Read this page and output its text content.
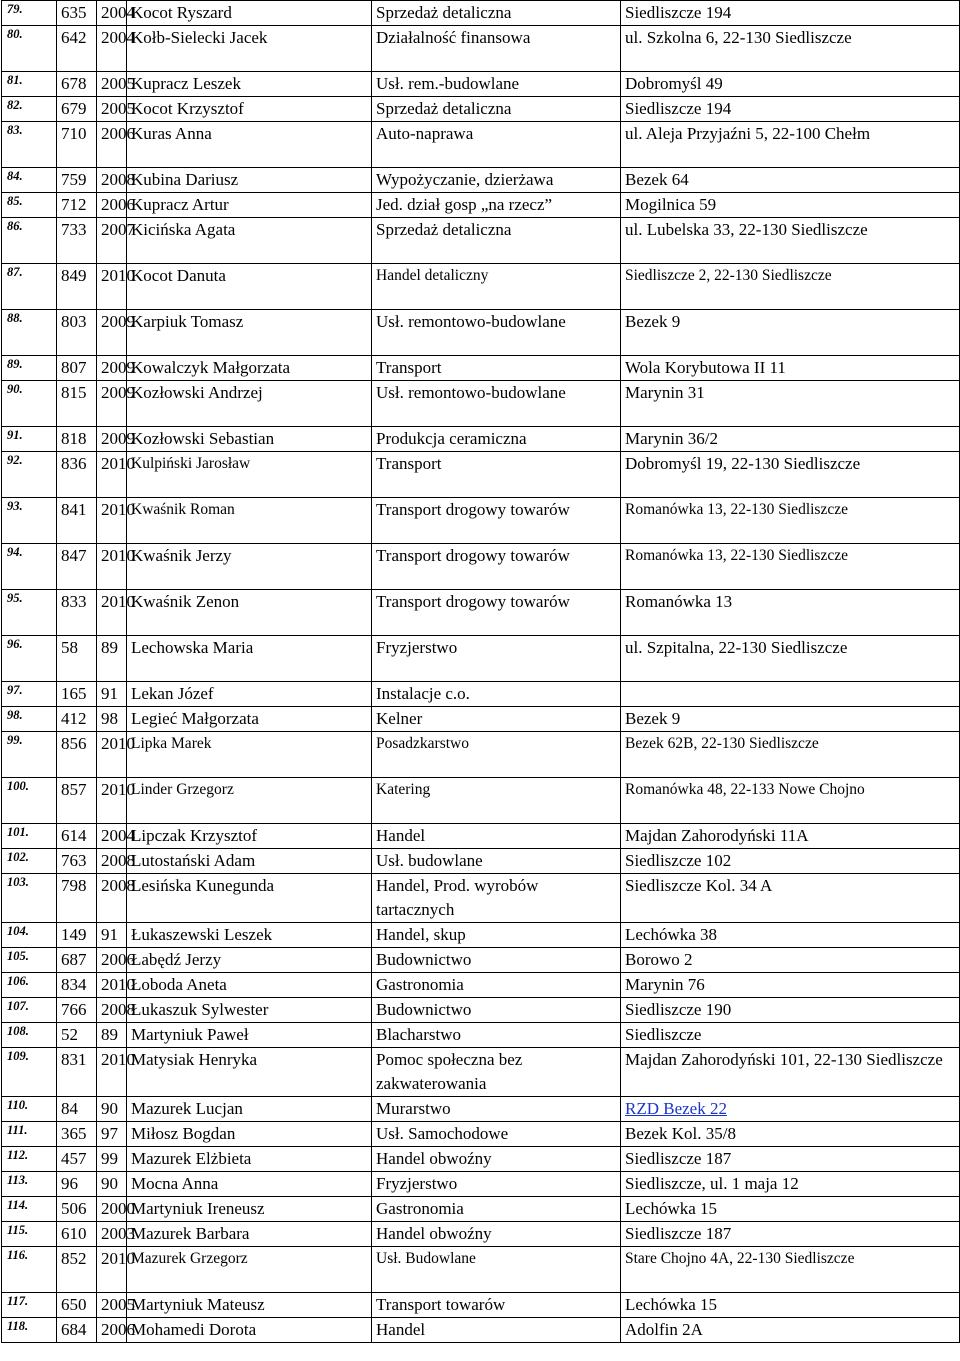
79.	635	2004	Kocot Ryszard	Sprzedaż detaliczna	Siedliszcze 194
80.	642	2004	Kołb-Sielecki Jacek	Działalność finansowa	ul. Szkolna 6, 22-130 Siedliszcze
81.	678	2005	Kupracz Leszek	Usł. rem.-budowlane	Dobromyśl 49
82.	679	2005	Kocot Krzysztof	Sprzedaż detaliczna	Siedliszcze 194
83.	710	2006	Kuras Anna	Auto-naprawa	ul. Aleja Przyjaźni 5, 22-100 Chełm
84.	759	2008	Kubina Dariusz	Wypożyczanie, dzierżawa	Bezek 64
85.	712	2006	Kupracz Artur	Jed. dział gosp „na rzecz”	Mogilnica 59
86.	733	2007	Kicińska Agata	Sprzedaż detaliczna	ul. Lubelska 33, 22-130 Siedliszcze
87.	849	2010	Kocot Danuta	Handel detaliczny	Siedliszcze 2, 22-130 Siedliszcze
88.	803	2009	Karpiuk Tomasz	Usł. remontowo-budowlane	Bezek 9
89.	807	2009	Kowalczyk Małgorzata	Transport	Wola Korybutowa II 11
90.	815	2009	Kozłowski Andrzej	Usł. remontowo-budowlane	Marynin 31
91.	818	2009	Kozłowski Sebastian	Produkcja ceramiczna	Marynin 36/2
92.	836	2010	Kulpiński Jarosław	Transport	Dobromyśl 19, 22-130 Siedliszcze
93.	841	2010	Kwaśnik Roman	Transport drogowy towarów	Romanówka 13, 22-130 Siedliszcze
94.	847	2010	Kwaśnik Jerzy	Transport drogowy towarów	Romanówka 13, 22-130 Siedliszcze
95.	833	2010	Kwaśnik Zenon	Transport drogowy towarów	Romanówka 13
96.	58	89	Lechowska Maria	Fryzjerstwo	ul. Szpitalna, 22-130 Siedliszcze
97.	165	91	Lekan Józef	Instalacje c.o.	
98.	412	98	Legieć Małgorzata	Kelner	Bezek 9
99.	856	2010	Lipka Marek	Posadzkarstwo	Bezek 62B, 22-130 Siedliszcze
100.	857	2010	Linder Grzegorz	Katering	Romanówka 48, 22-133 Nowe Chojno
101.	614	2004	Lipczak Krzysztof	Handel	Majdan Zahorodyński 11A
102.	763	2008	Lutostański Adam	Usł. budowlane	Siedliszcze 102
103.	798	2008	Lesińska Kunegunda	Handel, Prod. wyrobów tartacznych	Siedliszcze Kol. 34 A
104.	149	91	Łukaszewski Leszek	Handel, skup	Lechówka 38
105.	687	2006	Łabędź Jerzy	Budownictwo	Borowo 2
106.	834	2010	Łoboda Aneta	Gastronomia	Marynin 76
107.	766	2008	Łukaszuk Sylwester	Budownictwo	Siedliszcze 190
108.	52	89	Martyniuk Paweł	Blacharstwo	Siedliszcze
109.	831	2010	Matysiak Henryka	Pomoc społeczna bez zakwaterowania	Majdan Zahorodyński 101, 22-130 Siedliszcze
110.	84	90	Mazurek Lucjan	Murarstwo	RZD Bezek 22
111.	365	97	Miłosz Bogdan	Usł. Samochodowe	Bezek Kol. 35/8
112.	457	99	Mazurek Elżbieta	Handel obwoźny	Siedliszcze 187
113.	96	90	Mocna Anna	Fryzjerstwo	Siedliszcze, ul. 1 maja 12
114.	506	2000	Martyniuk Ireneusz	Gastronomia	Lechówka 15
115.	610	2003	Mazurek Barbara	Handel obwoźny	Siedliszcze 187
116.	852	2010	Mazurek Grzegorz	Usł. Budowlane	Stare Chojno 4A, 22-130 Siedliszcze
117.	650	2005	Martyniuk Mateusz	Transport towarów	Lechówka 15
118.	684	2006	Mohamedi Dorota	Handel	Adolfin 2A
